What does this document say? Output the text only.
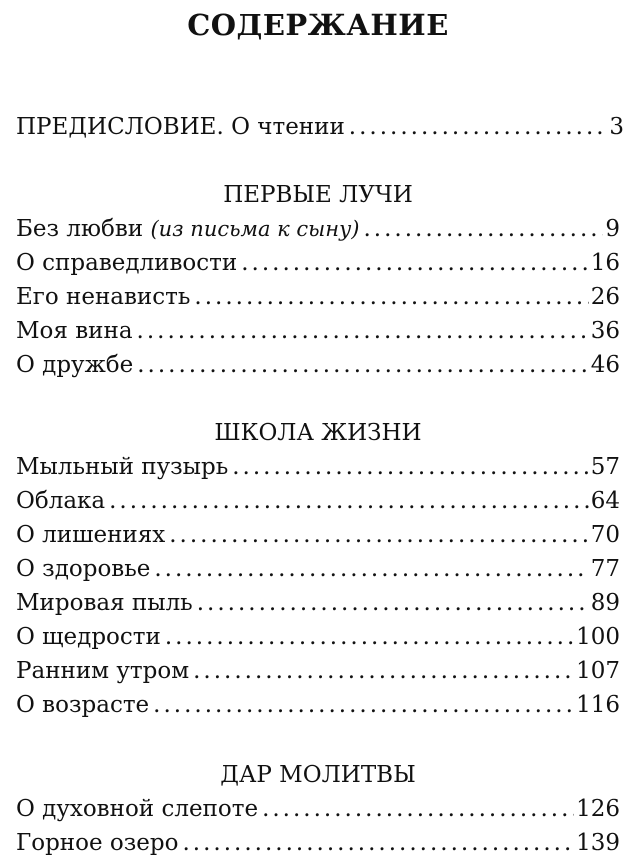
СОДЕРЖАНИЕ
ПРЕДИСЛОВИЕ. О чтении .....	3
ПЕРВЫЕ ЛУЧИ
Без любви (из письма к сыну) .....	9
О справедливости .....	16
Его ненависть .....	26
Моя вина .....	36
О дружбе .....	46
ШКОЛА ЖИЗНИ
Мыльный пузырь .....	57
Облака .....	64
О лишениях .....	70
О здоровье .....	77
Мировая пыль .....	89
О щедрости .....	100
Ранним утром .....	107
О возрасте .....	116
ДАР МОЛИТВЫ
О духовной слепоте .....	126
Горное озеро .....	139
